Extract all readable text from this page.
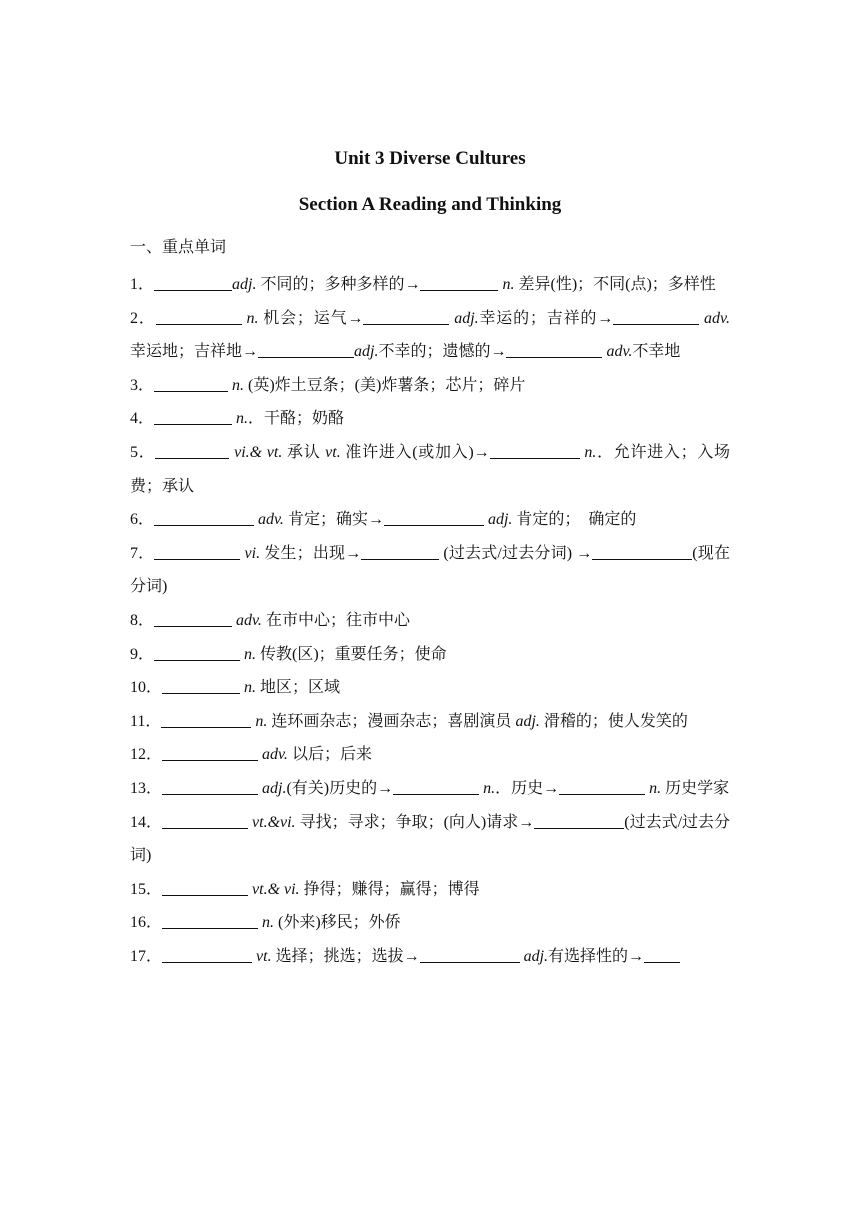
Unit 3 Diverse Cultures
Section A Reading and Thinking
一、重点单词
1．	adj. 不同的；多种多样的→	n. 差异(性)；不同(点)；多样性
2．	n. 机会；运气→	adj.幸运的；吉祥的→	adv.幸运地；吉祥地→	adj.不幸的；遗憾的→	adv.不幸地
3．	n. (英)炸土豆条；(美)炸薯条；芯片；碎片
4．	n.．干酪；奶酪
5．	vi.& vt. 承认 vt. 准许进入(或加入)→	n.．允许进入；入场费；承认
6．	adv. 肯定；确实→	adj. 肯定的；　确定的
7．	vi. 发生；出现→	(过去式/过去分词) →	(现在分词)
8．	adv. 在市中心；往市中心
9．	n. 传教(区)；重要任务；使命
10．	n. 地区；区域
11．	n. 连环画杂志；漫画杂志；喜剧演员 adj. 滑稽的；使人发笑的
12．	adv. 以后；后来
13．	adj.(有关)历史的→	n.．历史→	n. 历史学家
14．	vt.&vi. 寻找；寻求；争取；(向人)请求→	(过去式/过去分词)
15．	vt.& vi. 挣得；赚得；赢得；博得
16．	n. (外来)移民；外侨
17．	vt. 选择；挑选；选拔→	adj.有选择性的→
